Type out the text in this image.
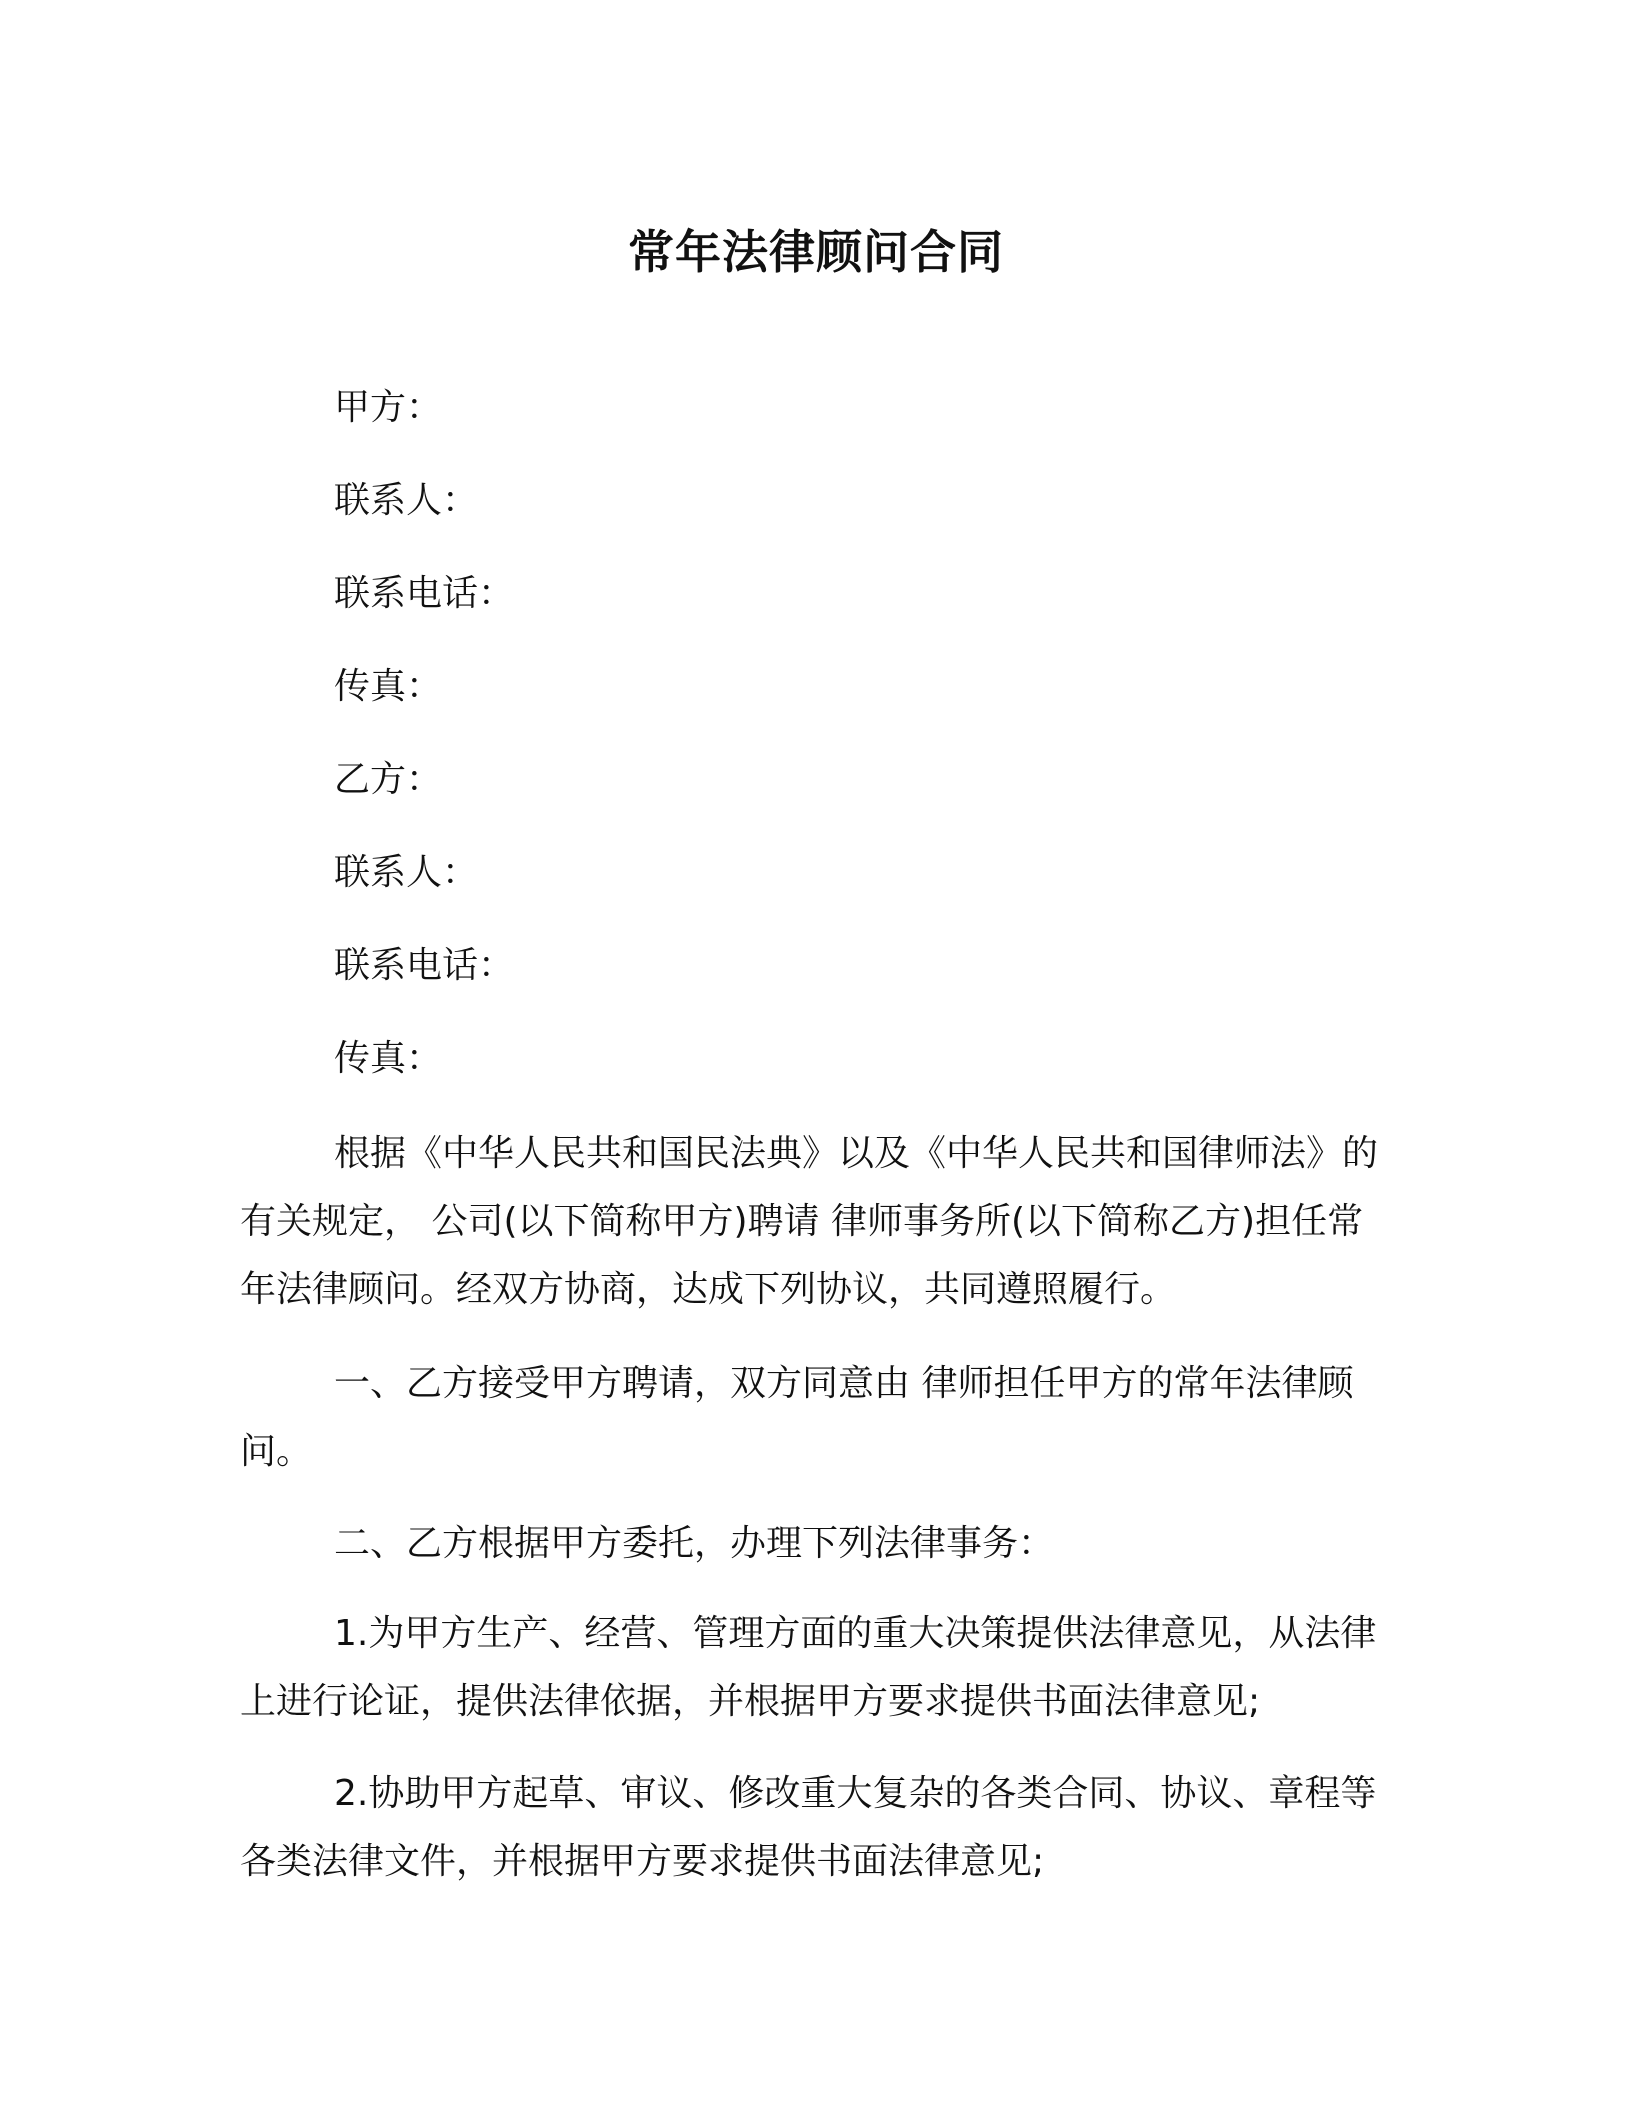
常年法律顾问合同
甲方：
联系人：
联系电话：
传真：
乙方：
联系人：
联系电话：
传真：

根据《中华人民共和国民法典》以及《中华人民共和国律师法》的有关规定， 公司(以下简称甲方)聘请 律师事务所(以下简称乙方)担任常年法律顾问。经双方协商，达成下列协议，共同遵照履行。

一、乙方接受甲方聘请，双方同意由 律师担任甲方的常年法律顾问。

二、乙方根据甲方委托，办理下列法律事务：

1.为甲方生产、经营、管理方面的重大决策提供法律意见，从法律上进行论证，提供法律依据，并根据甲方要求提供书面法律意见;

2.协助甲方起草、审议、修改重大复杂的各类合同、协议、章程等各类法律文件，并根据甲方要求提供书面法律意见;
